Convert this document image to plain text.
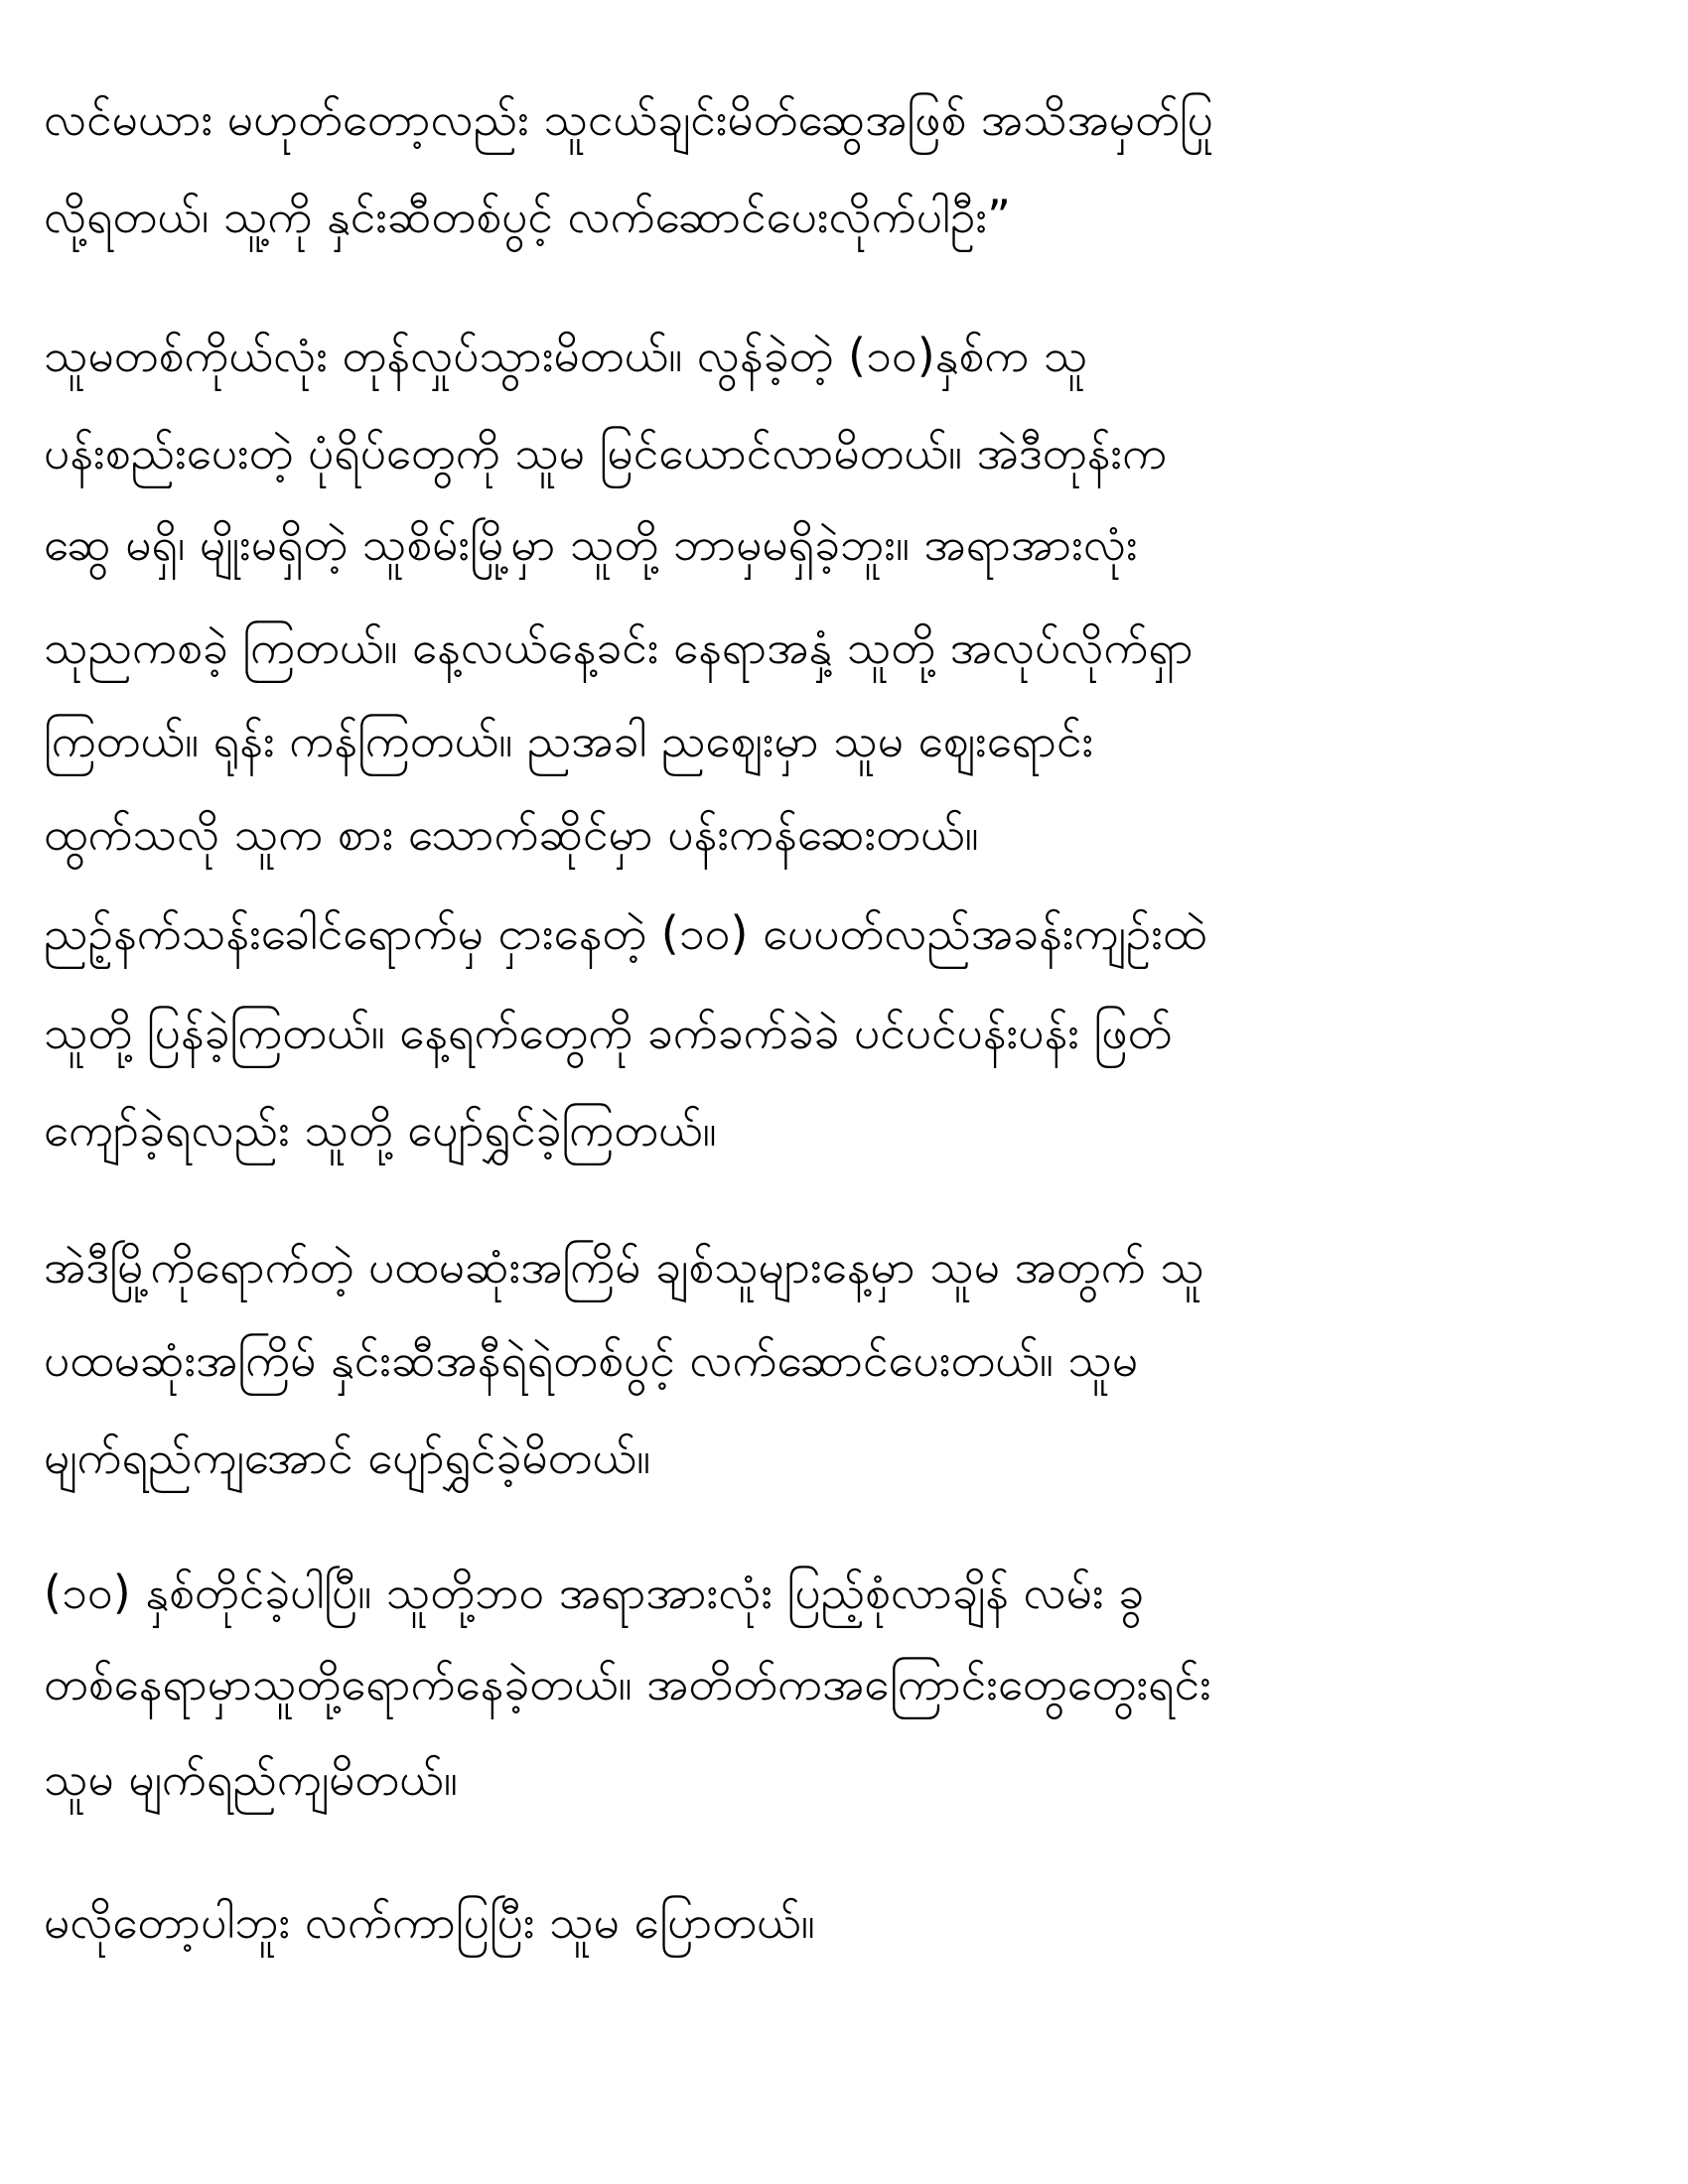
လင်မယား မဟုတ်တော့လည်း သူငယ်ချင်းမိတ်ဆွေအဖြစ် အသိအမှတ်ပြု
လို့ရတယ်၊ သူ့ကို နှင်းဆီတစ်ပွင့် လက်ဆောင်ပေးလိုက်ပါဦး”
သူမတစ်ကိုယ်လုံး တုန်လှုပ်သွားမိတယ်။ လွန်ခဲ့တဲ့ (၁၀)နှစ်က သူ
ပန်းစည်းပေးတဲ့ ပုံရိပ်တွေကို သူမ မြင်ယောင်လာမိတယ်။ အဲဒီတုန်းက
ဆွေ မရှိ၊ မျိုးမရှိတဲ့ သူစိမ်းမြို့မှာ သူတို့ ဘာမှမရှိခဲ့ဘူး။ အရာအားလုံး
သုညကစခဲ့ ကြတယ်။ နေ့လယ်နေ့ခင်း နေရာအနှံ့ သူတို့ အလုပ်လိုက်ရှာ
ကြတယ်။ ရုန်း ကန်ကြတယ်။ ညအခါ ညဈေးမှာ သူမ ဈေးရောင်း
ထွက်သလို သူက စား သောက်ဆိုင်မှာ ပန်းကန်ဆေးတယ်။
ညဉ့်နက်သန်းခေါင်ရောက်မှ ငှားနေတဲ့ (၁၀) ပေပတ်လည်အခန်းကျဉ်းထဲ
သူတို့ ပြန်ခဲ့ကြတယ်။ နေ့ရက်တွေကို ခက်ခက်ခဲခဲ ပင်ပင်ပန်းပန်း ဖြတ်
ကျော်ခဲ့ရလည်း သူတို့ ပျော်ရွှင်ခဲ့ကြတယ်။
အဲဒီမြို့ကိုရောက်တဲ့ ပထမဆုံးအကြိမ် ချစ်သူများနေ့မှာ သူမ အတွက် သူ
ပထမဆုံးအကြိမ် နှင်းဆီအနီရဲရဲတစ်ပွင့် လက်ဆောင်ပေးတယ်။ သူမ
မျက်ရည်ကျအောင် ပျော်ရွှင်ခဲ့မိတယ်။
(၁၀) နှစ်တိုင်ခဲ့ပါပြီ။ သူတို့ဘ၀ အရာအားလုံး ပြည့်စုံလာချိန် လမ်း ခွ
တစ်နေရာမှာသူတို့ရောက်နေခဲ့တယ်။ အတိတ်ကအကြောင်းတွေတွေးရင်း
သူမ မျက်ရည်ကျမိတယ်။
မလိုတော့ပါဘူး လက်ကာပြပြီး သူမ ပြောတယ်။
